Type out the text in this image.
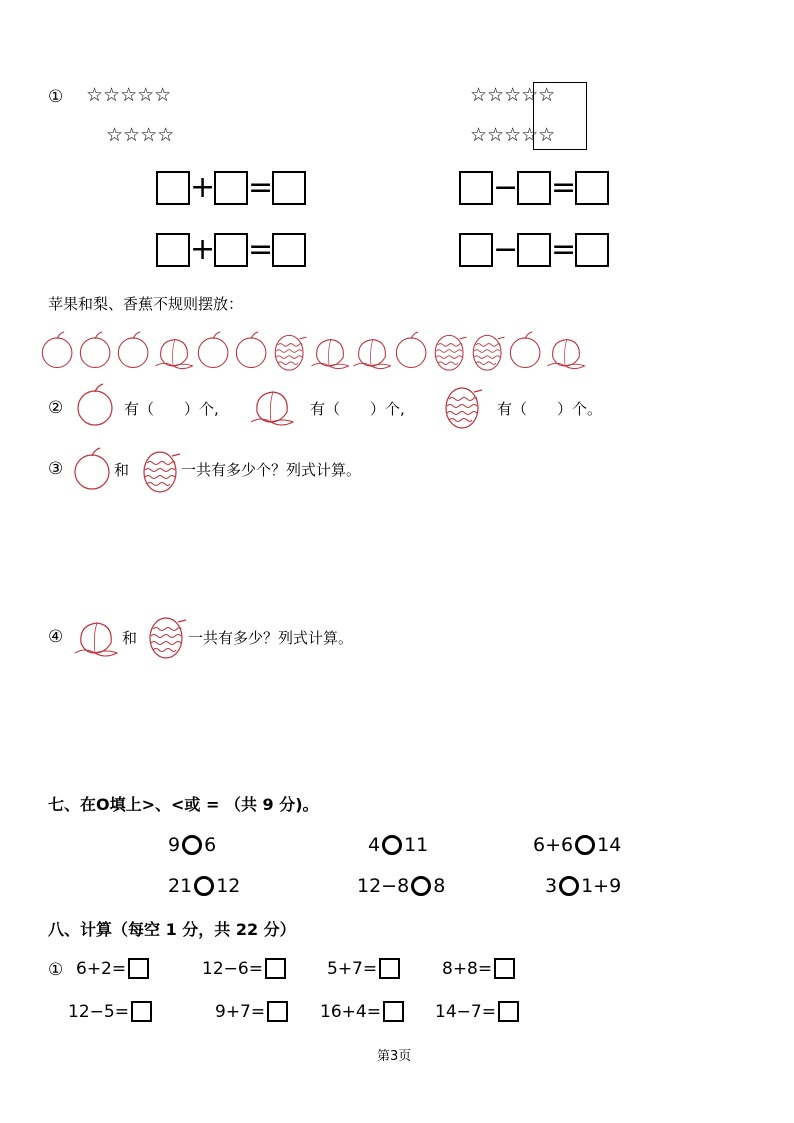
① ☆☆☆☆☆
☆☆☆☆
☆☆☆☆☆
☆☆☆☆☆
+ =
+ =
− =
− =
苹果和梨、香蕉不规则摆放：
②	有（　　）个,	有（　　）个,	有（　　）个。
③	和	一共有多少个？列式计算。
④	和	一共有多少？列式计算。
七、在O填上>、<或 = （共 9 分)。
9 6	4 11	6+6 14
21 12	12−8 8	3 1+9
八、计算（每空 1 分，共 22 分）
① 6+2=	12−6=	5+7=	8+8=
12−5=	9+7=	16+4=	14−7=
第3页
